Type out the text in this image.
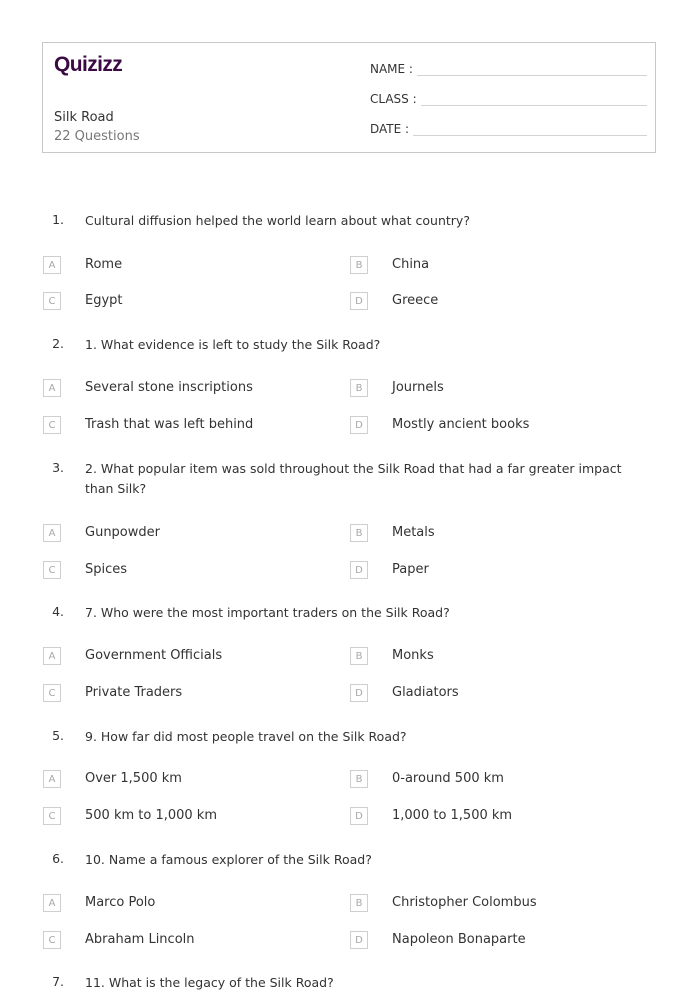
Quizizz
Silk Road
22 Questions
NAME :
CLASS :
DATE :
1. Cultural diffusion helped the world learn about what country?
A	Rome	B	China
C	Egypt	D	Greece
2. 1. What evidence is left to study the Silk Road?
A	Several stone inscriptions	B	Journels
C	Trash that was left behind	D	Mostly ancient books
3. 2. What popular item was sold throughout the Silk Road that had a far greater impact than Silk?
A	Gunpowder	B	Metals
C	Spices	D	Paper
4. 7. Who were the most important traders on the Silk Road?
A	Government Officials	B	Monks
C	Private Traders	D	Gladiators
5. 9. How far did most people travel on the Silk Road?
A	Over 1,500 km	B	0-around 500 km
C	500 km to 1,000 km	D	1,000 to 1,500 km
6. 10. Name a famous explorer of the Silk Road?
A	Marco Polo	B	Christopher Colombus
C	Abraham Lincoln	D	Napoleon Bonaparte
7. 11. What is the legacy of the Silk Road?
